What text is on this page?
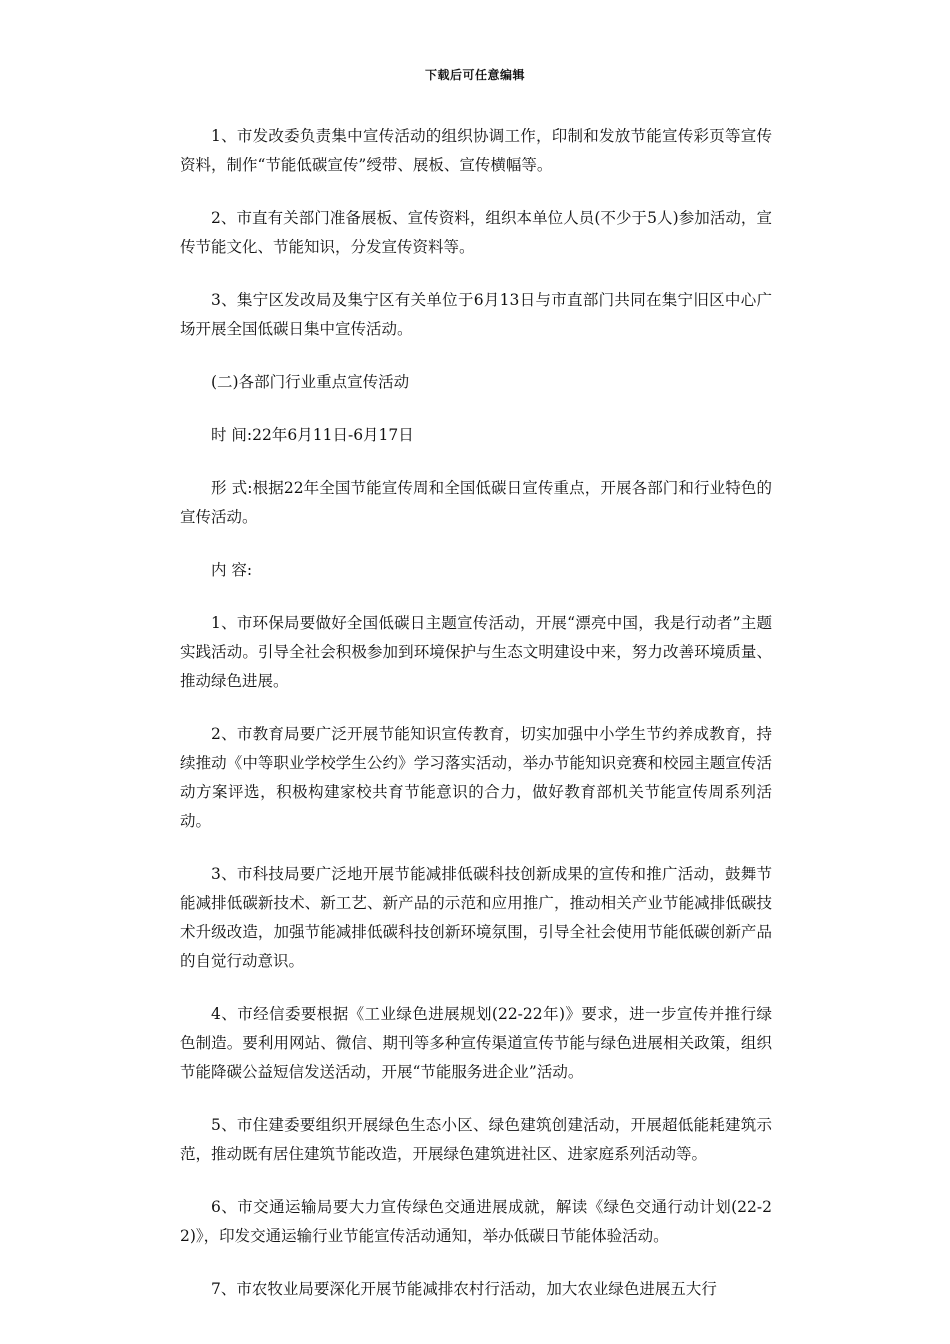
下载后可任意编辑

1、市发改委负责集中宣传活动的组织协调工作，印制和发放节能宣传彩页等宣传资料，制作“节能低碳宣传”绶带、展板、宣传横幅等。

2、市直有关部门准备展板、宣传资料，组织本单位人员(不少于5人)参加活动，宣传节能文化、节能知识，分发宣传资料等。

3、集宁区发改局及集宁区有关单位于6月13日与市直部门共同在集宁旧区中心广场开展全国低碳日集中宣传活动。

(二)各部门行业重点宣传活动

时 间:22年6月11日-6月17日

形 式:根据22年全国节能宣传周和全国低碳日宣传重点，开展各部门和行业特色的宣传活动。

内 容:

1、市环保局要做好全国低碳日主题宣传活动，开展“漂亮中国，我是行动者”主题实践活动。引导全社会积极参加到环境保护与生态文明建设中来，努力改善环境质量、推动绿色进展。

2、市教育局要广泛开展节能知识宣传教育，切实加强中小学生节约养成教育，持续推动《中等职业学校学生公约》学习落实活动，举办节能知识竞赛和校园主题宣传活动方案评选，积极构建家校共育节能意识的合力，做好教育部机关节能宣传周系列活动。

3、市科技局要广泛地开展节能减排低碳科技创新成果的宣传和推广活动，鼓舞节能减排低碳新技术、新工艺、新产品的示范和应用推广，推动相关产业节能减排低碳技术升级改造，加强节能减排低碳科技创新环境氛围，引导全社会使用节能低碳创新产品的自觉行动意识。

4、市经信委要根据《工业绿色进展规划(22-22年)》要求，进一步宣传并推行绿色制造。要利用网站、微信、期刊等多种宣传渠道宣传节能与绿色进展相关政策，组织节能降碳公益短信发送活动，开展“节能服务进企业”活动。

5、市住建委要组织开展绿色生态小区、绿色建筑创建活动，开展超低能耗建筑示范，推动既有居住建筑节能改造，开展绿色建筑进社区、进家庭系列活动等。

6、市交通运输局要大力宣传绿色交通进展成就，解读《绿色交通行动计划(22-22)》，印发交通运输行业节能宣传活动通知，举办低碳日节能体验活动。

7、市农牧业局要深化开展节能减排农村行活动，加大农业绿色进展五大行
